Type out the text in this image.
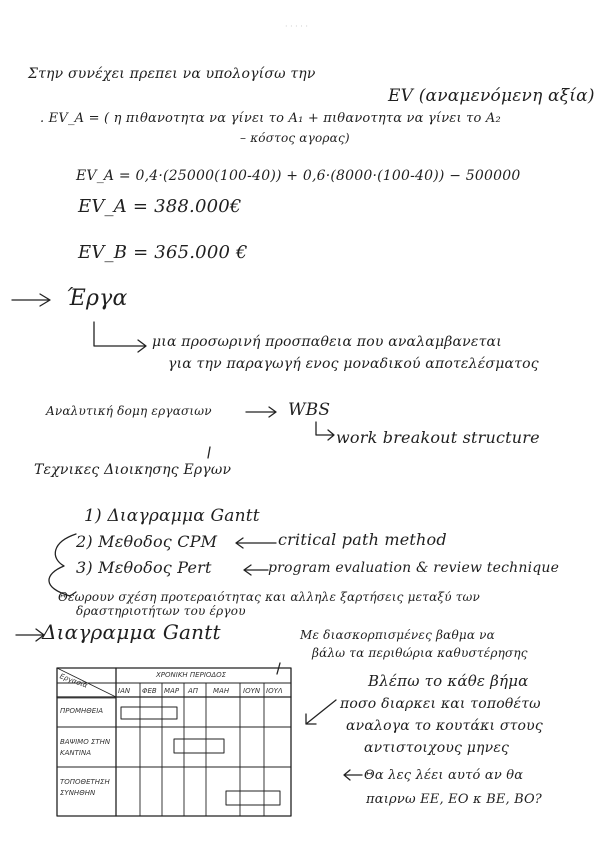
· · · · ·
Στην συνέχει πρεπει να υπολογίσω την
EV (αναμενόμενη αξία)
. EV_A = ( η πιθανοτητα να γίνει το A₁ + πιθανοτητα να γίνει το A₂
– κόστος αγορας)
EV_A = 0,4·(25000(100-40)) + 0,6·(8000·(100-40)) − 500000
EV_A = 388.000€
EV_B = 365.000 €
Έργα
μια προσωρινή προσπαθεια που αναλαμβανεται
για την παραγωγή ενος μοναδικού αποτελέσματος
Αναλυτική δομη εργασιων	WBS
work breakout structure
Τεχνικες Διοικησης Εργων
1) Διαγραμμα Gantt
2) Μεθοδος CPM	critical path method
3) Μεθοδος Pert	program evaluation & review technique
Θεωρουν σχέση προτεραιότητας και αλληλε ξαρτήσεις μεταξύ των
δραστηριοτήτων του έργου
Διαγραμμα Gantt	Με διασκορπισμένες βαθμα να
βάλω τα περιθώρια καθυστέρησης
Εργασία	ΧΡΟΝΙΚΗ ΠΕΡΙΟΔΟΣ
ΙΑΝ ΦΕΒ ΜΑΡ ΑΠ ΜΑΗ ΙΟΥΝ ΙΟΥΛ
ΠΡΟΜΗΘΕΙΑ
ΒΑΨΙΜΟ ΣΤΗΝ ΚΑΝΤΙΝΑ
ΤΟΠΟΘΕΤΗΣΗ ΣΥΝΗΘΗΝ
Βλέπω το κάθε βήμα
ποσο διαρκει και τοποθέτω
αναλογα το κουτάκι στους
αντιστοιχους μηνες
Θα λες λέει αυτό αν θα
παιρνω ΕΕ, ΕΟ κ ΒΕ, ΒΟ?
